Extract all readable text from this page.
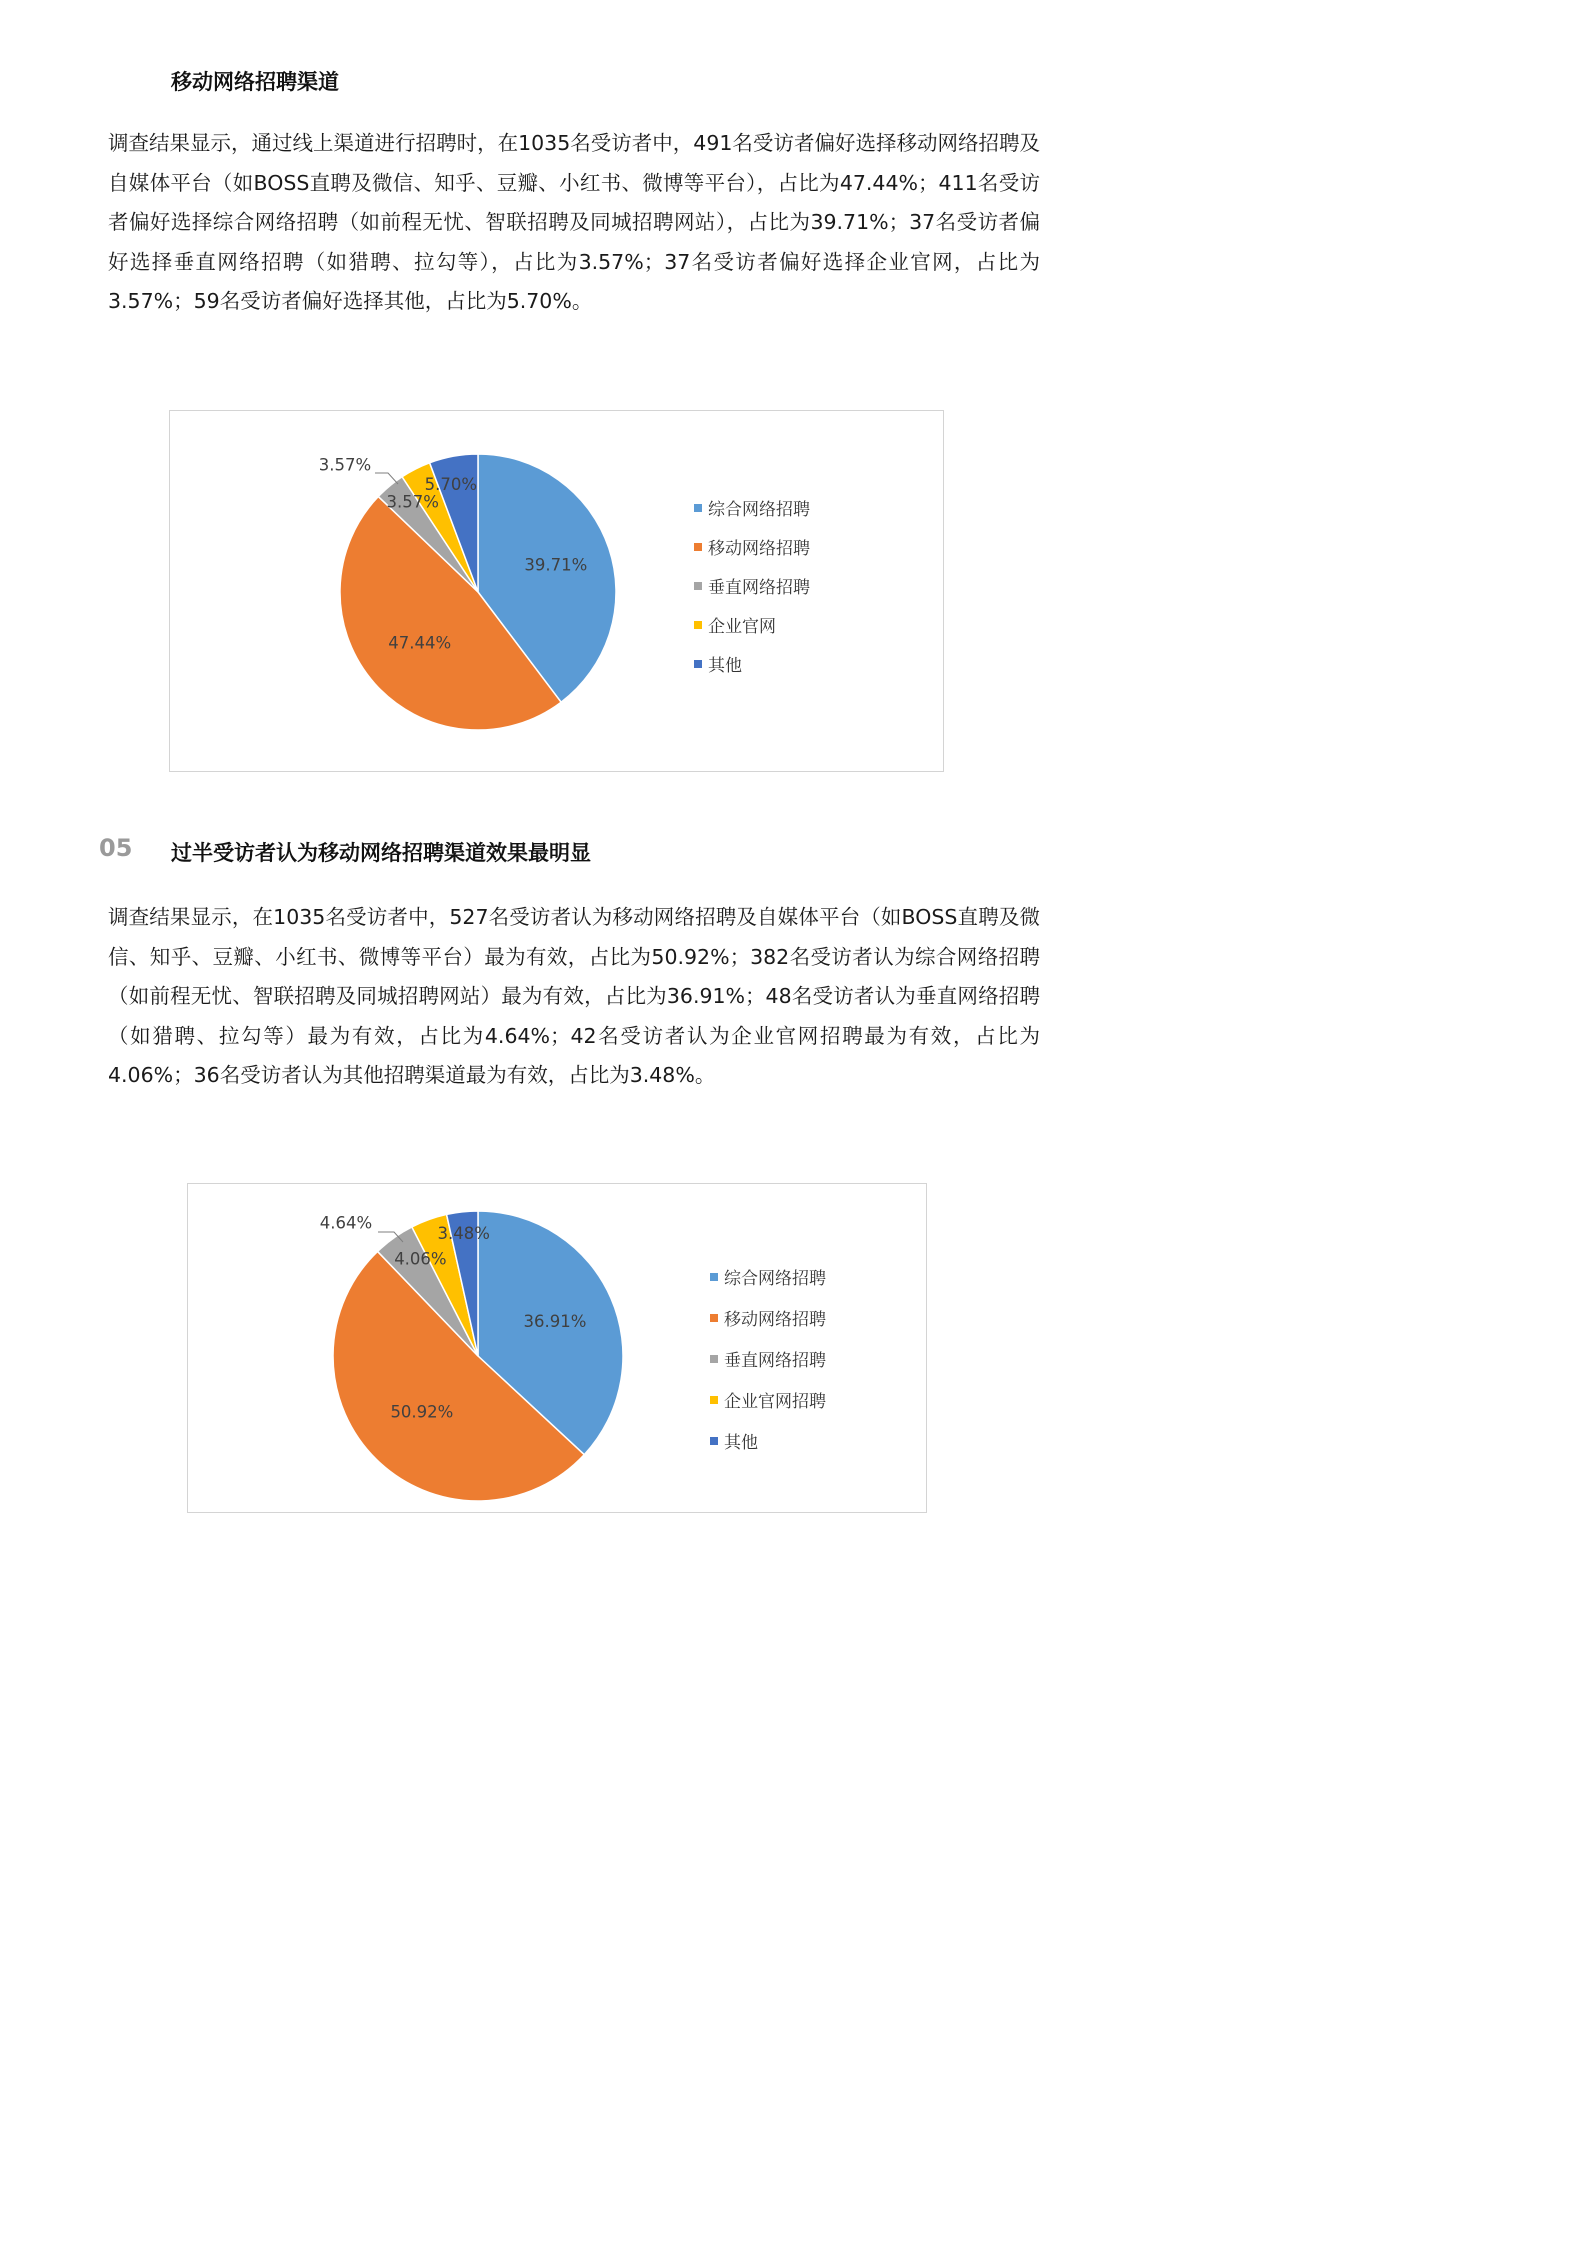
移动网络招聘渠道

调查结果显示，通过线上渠道进行招聘时，在1035名受访者中，491名受访者偏好选择移动网络招聘及自媒体平台（如BOSS直聘及微信、知乎、豆瓣、小红书、微博等平台），占比为47.44%；411名受访者偏好选择综合网络招聘（如前程无忧、智联招聘及同城招聘网站），占比为39.71%；37名受访者偏好选择垂直网络招聘（如猎聘、拉勾等），占比为3.57%；37名受访者偏好选择企业官网，占比为3.57%；59名受访者偏好选择其他，占比为5.70%。

39.71%
47.44%
3.57%
3.57%
5.70%
综合网络招聘
移动网络招聘
垂直网络招聘
企业官网
其他
05 过半受访者认为移动网络招聘渠道效果最明显

调查结果显示，在1035名受访者中，527名受访者认为移动网络招聘及自媒体平台（如BOSS直聘及微信、知乎、豆瓣、小红书、微博等平台）最为有效，占比为50.92%；382名受访者认为综合网络招聘（如前程无忧、智联招聘及同城招聘网站）最为有效，占比为36.91%；48名受访者认为垂直网络招聘（如猎聘、拉勾等）最为有效，占比为4.64%；42名受访者认为企业官网招聘最为有效，占比为4.06%；36名受访者认为其他招聘渠道最为有效，占比为3.48%。

36.91%
50.92%
4.64%
4.06%
3.48%
综合网络招聘
移动网络招聘
垂直网络招聘
企业官网招聘
其他
